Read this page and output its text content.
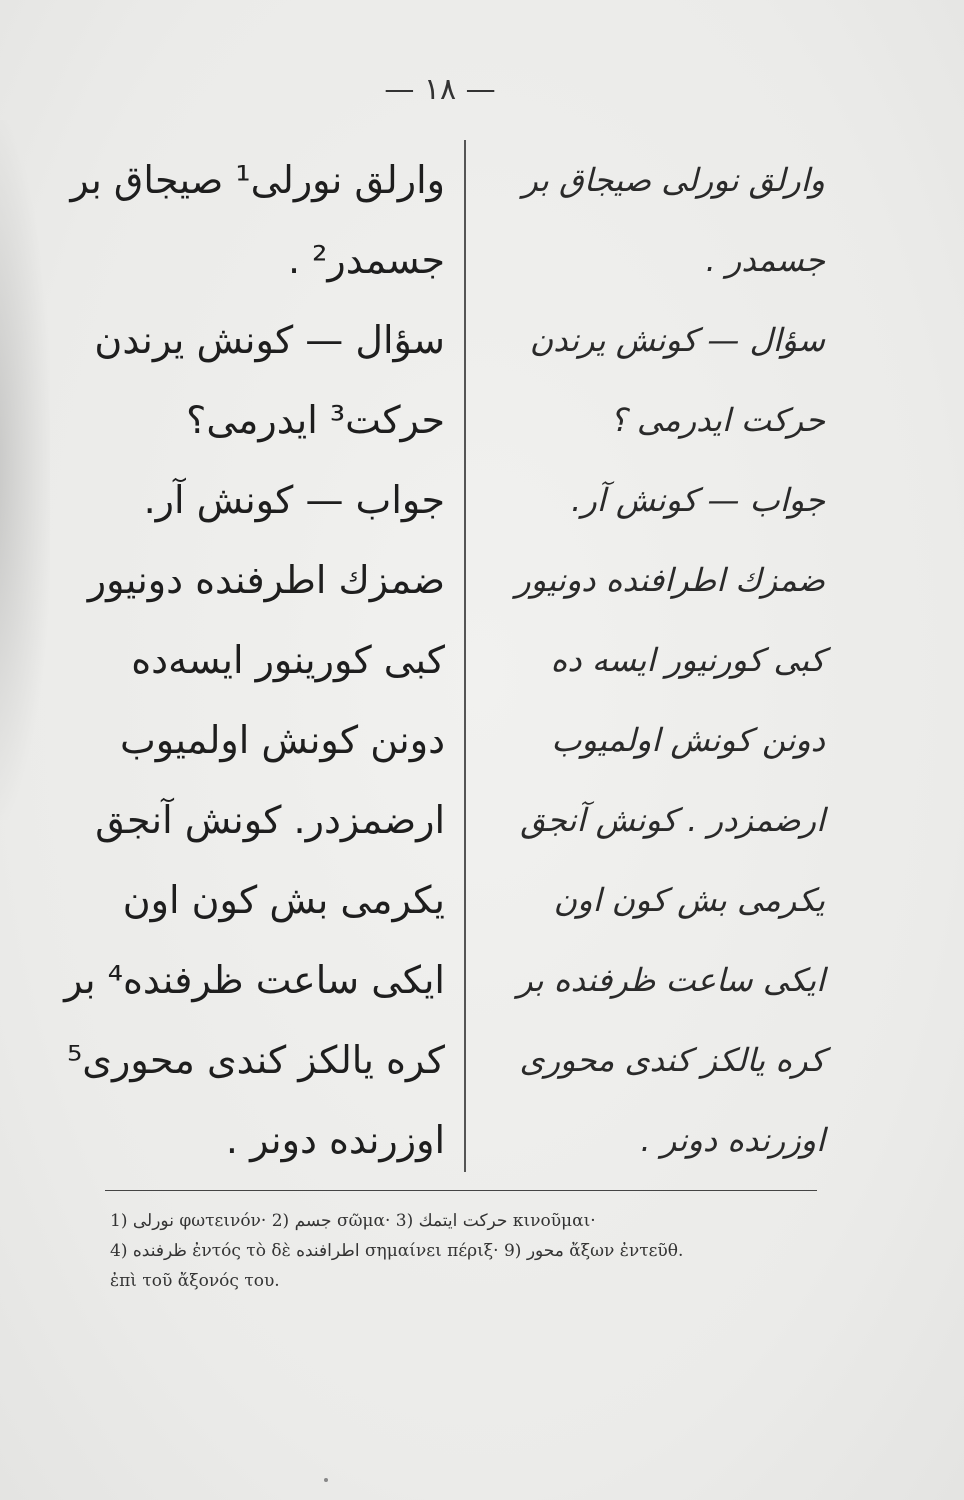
— ١٨ —
وارلق نورلی¹ صیجاق بر
جسمدر² .
سؤال — کونش یرندن
حرکت³ ایدرمی؟
جواب — کونش آر.
ضمزك اطرفنده دونیور
کبی کورینور ایسه‌ده
دونن کونش اولمیوب
ارضمزدر. کونش آنجق
یکرمی بش کون اون
ایکی ساعت ظرفنده⁴ بر
کره یالکز کندی محوری⁵
اوزرنده دونر .
وارلق نورلی صیجاق بر
جسمدر .
سؤال — کونش یرندن
حرکت ایدرمی ؟
جواب — کونش آر.
ضمزك اطرافنده دونیور
کبی کورنیور ایسه ده
دونن کونش اولمیوب
ارضمزدر . کونش آنجق
یکرمی بش کون اون
ایکی ساعت ظرفنده بر
کره یالکز کندی محوری
اوزرنده دونر .
1) نورلی φωτεινόν· 2) جسم σῶμα· 3) حرکت ایتمك κινοῦμαι·
4) ظرفنده ἐντός τὸ δὲ اطرافنده σημαίνει πέριξ· 9) محور ἄξων ἐντεῦθ.
ἐπὶ τοῦ ἄξονός του.
